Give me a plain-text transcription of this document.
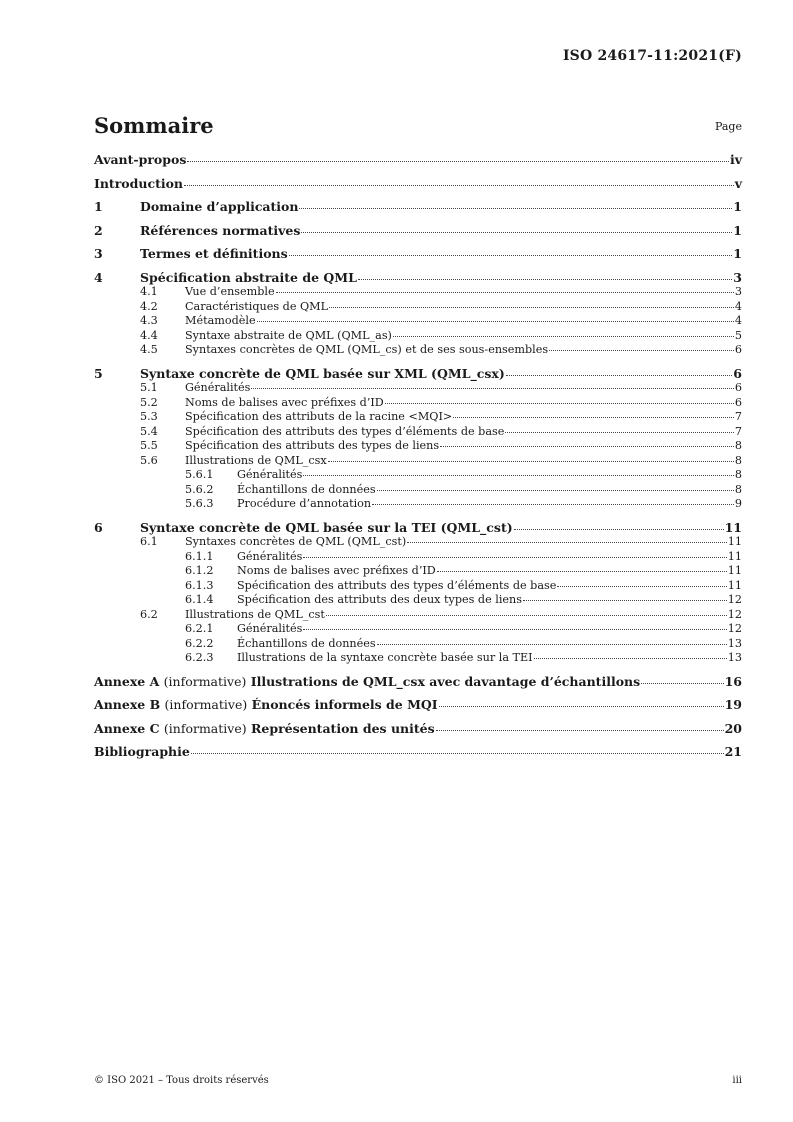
ISO 24617-11:2021(F)

Sommaire	Page

Avant-propos	iv
Introduction	v
1	Domaine d’application	1
2	Références normatives	1
3	Termes et définitions	1
4	Spécification abstraite de QML	3
4.1	Vue d’ensemble	3
4.2	Caractéristiques de QML	4
4.3	Métamodèle	4
4.4	Syntaxe abstraite de QML (QML_as)	5
4.5	Syntaxes concrètes de QML (QML_cs) et de ses sous-ensembles	6
5	Syntaxe concrète de QML basée sur XML (QML_csx)	6
5.1	Généralités	6
5.2	Noms de balises avec préfixes d’ID	6
5.3	Spécification des attributs de la racine <MQI>	7
5.4	Spécification des attributs des types d’éléments de base	7
5.5	Spécification des attributs des types de liens	8
5.6	Illustrations de QML_csx	8
5.6.1	Généralités	8
5.6.2	Échantillons de données	8
5.6.3	Procédure d’annotation	9
6	Syntaxe concrète de QML basée sur la TEI (QML_cst)	11
6.1	Syntaxes concrètes de QML (QML_cst)	11
6.1.1	Généralités	11
6.1.2	Noms de balises avec préfixes d’ID	11
6.1.3	Spécification des attributs des types d’éléments de base	11
6.1.4	Spécification des attributs des deux types de liens	12
6.2	Illustrations de QML_cst	12
6.2.1	Généralités	12
6.2.2	Échantillons de données	13
6.2.3	Illustrations de la syntaxe concrète basée sur la TEI	13
Annexe A (informative) Illustrations de QML_csx avec davantage d’échantillons	16
Annexe B (informative) Énoncés informels de MQI	19
Annexe C (informative) Représentation des unités	20
Bibliographie	21

© ISO 2021 – Tous droits réservés	iii
